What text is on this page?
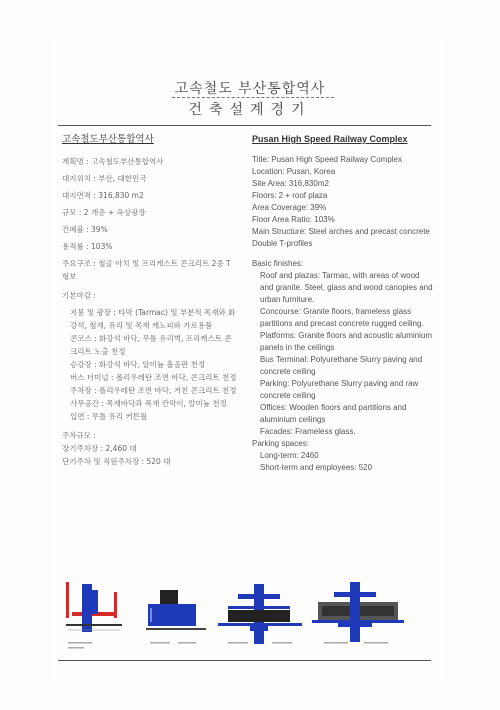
고속철도 부산통합역사
건축설계경기
고속철도부산통합역사
계획명 : 고속철도부산통합역사
대지위치 : 부산, 대한민국
대지면적 : 316,830 m2
규모 : 2 개층 + 옥상광장
건폐율 : 39%
용적률 : 103%
주요구조 : 철골 아치 및 프리캐스트 콘크리트 2중 T형보
기본마감 :
지붕 및 광장 : 타막 (Tarmac) 및 부분적 목재와 화강석, 철재, 유리 및 목재 캐노피와 가로용품
콘코스 : 화강석 바닥, 무틀 유리벽, 프리캐스트 콘크리트 노출 천정
승강장 : 화강석 바닥, 알미늄 흡음판 천정
버스 터미널 : 폴리우레탄 조면 바닥, 콘크리트 천정
주차장 : 폴리우레탄 조면 바닥, 거친 콘크리트 천정
사무공간 : 목재바닥과 목재 칸막이, 알미늄 천정
입면 : 무틀 유리 커튼월
주차규모 :
장기주차장 : 2,460 대
단기주차 및 직원주차장 : 520 대
Pusan High Speed Railway Complex
Title: Pusan High Speed Railway Complex
Location: Pusan, Korea
Site Area: 316,830m2
Floors: 2 + roof plaza
Area Coverage: 39%
Floor Area Ratio: 103%
Main Structure: Steel arches and precast concrete Double T-profiles
Basic finishes:
Roof and plazas: Tarmac, with areas of wood and granite. Steel, glass and wood canopies and urban furniture.
Concourse: Granite floors, frameless glass partitions and precast concrete rugged ceiling.
Platforms: Granite floors and acoustic aluminium panels in the ceilings
Bus Terminal: Polyurethane Slurry paving and concrete ceiling
Parking: Polyurethane Slurry paving and raw concrete ceiling
Offices: Wooden floors and partitions and aluminium ceilings
Facades: Frameless glass.
Parking spaces:
Long-term: 2460
Short-term and employees: 520
